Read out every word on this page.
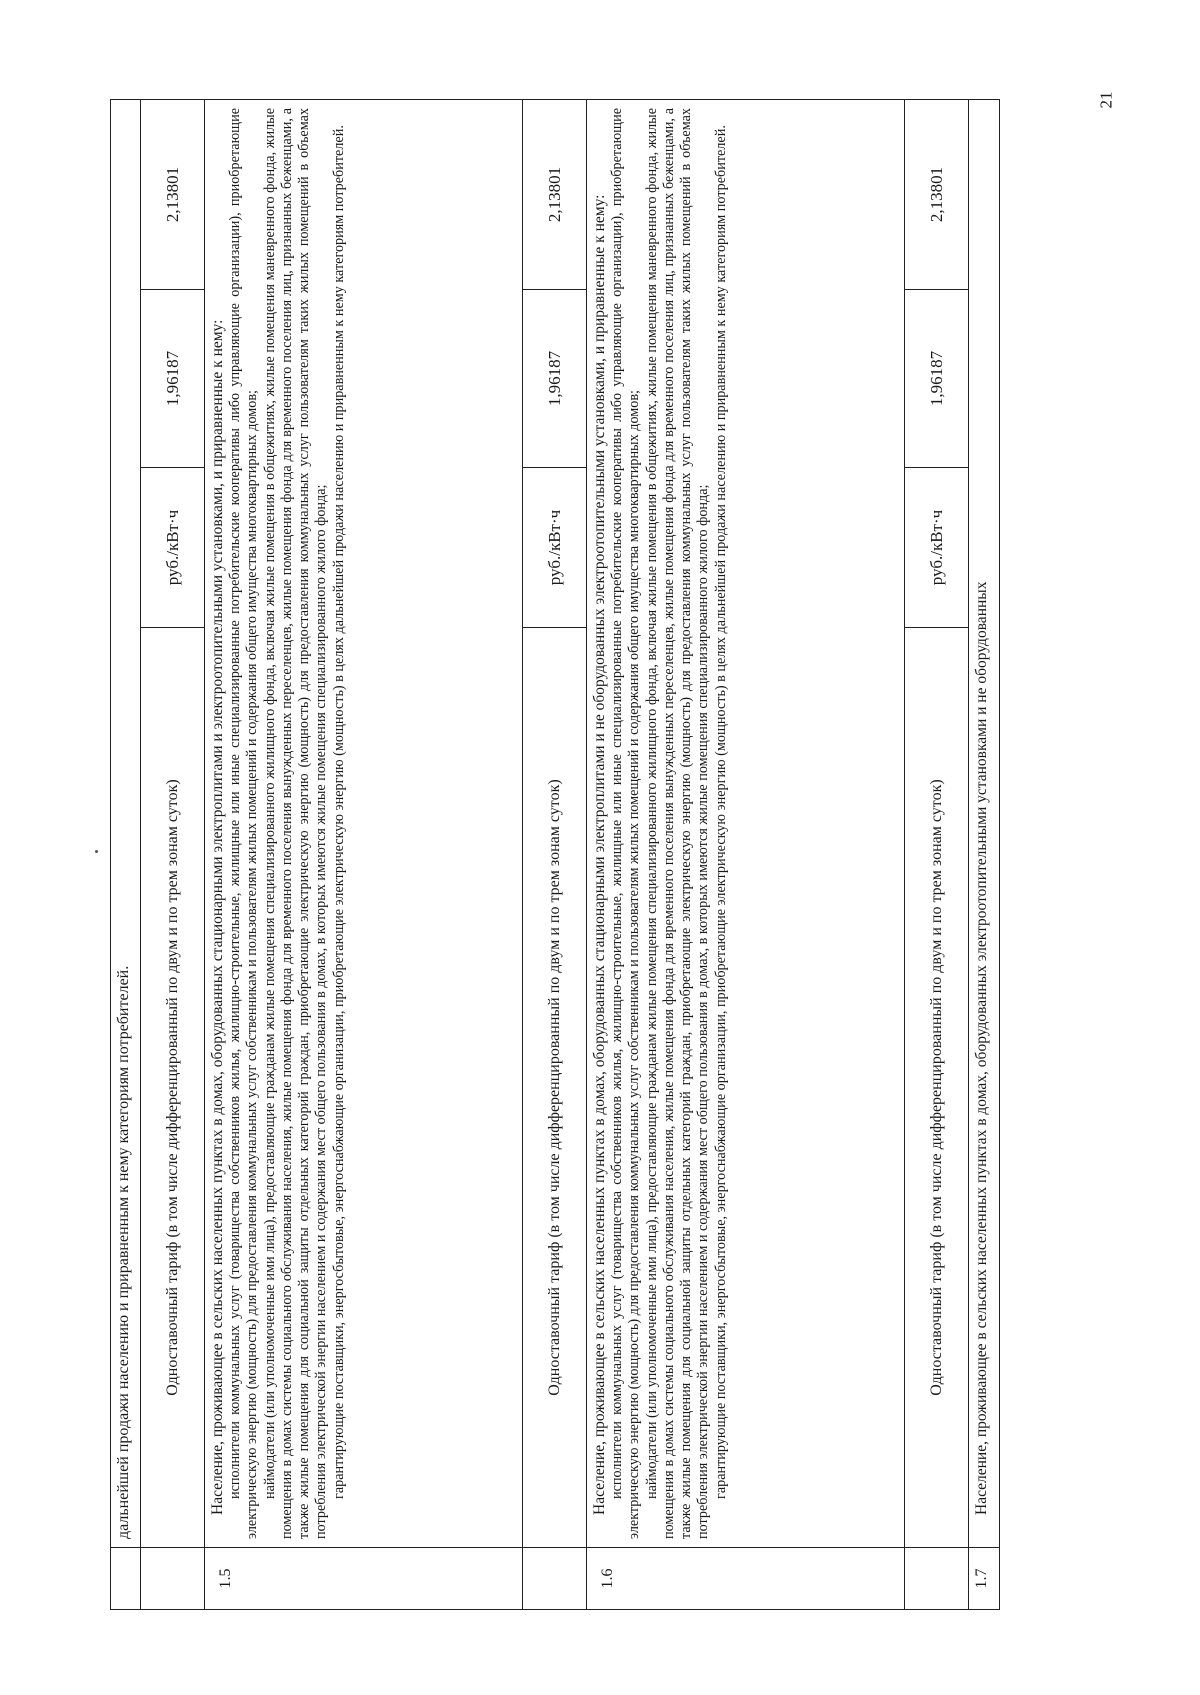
21
	дальнейшей продажи населению и приравненным к нему категориям потребителей.			
	Одноставочный тариф (в том числе дифференцированный по двум и по трем зонам суток)	руб./кВт·ч	1,96187	2,13801
1.5	Население, проживающее в сельских населенных пунктах в домах, оборудованных стационарными электроплитами и электроотопительными установками, и приравненные к нему: исполнители коммунальных услуг (товарищества собственников жилья, жилищно-строительные, жилищные или иные специализированные потребительские кооперативы либо управляющие организации), приобретающие электрическую энергию (мощность) для предоставления коммунальных услуг собственникам и пользователям жилых помещений и содержания общего имущества многоквартирных домов; наймодатели (или уполномоченные ими лица), предоставляющие гражданам жилые помещения специализированного жилищного фонда, включая жилые помещения в общежитиях, жилые помещения маневренного фонда, жилые помещения в домах системы социального обслуживания населения, жилые помещения фонда для временного поселения вынужденных переселенцев, жилые помещения фонда для временного поселения лиц, признанных беженцами, а также жилые помещения для социальной защиты отдельных категорий граждан, приобретающие электрическую энергию (мощность) для предоставления коммунальных услуг пользователям таких жилых помещений в объемах потребления электрической энергии населением и содержания мест общего пользования в домах, в которых имеются жилые помещения специализированного жилого фонда; гарантирующие поставщики, энергосбытовые, энергоснабжающие организации, приобретающие электрическую энергию (мощность) в целях дальнейшей продажи населению и приравненным к нему категориям потребителей.			

	Одноставочный тариф (в том числе дифференцированный по двум и по трем зонам суток)	руб./кВт·ч	1,96187	2,13801
1.6	Население, проживающее в сельских населенных пунктах в домах, оборудованных стационарными электроплитами и не оборудованных электроотопительными установками, и приравненные к нему: исполнители коммунальных услуг (товарищества собственников жилья, жилищно-строительные, жилищные или иные специализированные потребительские кооперативы либо управляющие организации), приобретающие электрическую энергию (мощность) для предоставления коммунальных услуг собственникам и пользователям жилых помещений и содержания общего имущества многоквартирных домов; наймодатели (или уполномоченные ими лица), предоставляющие гражданам жилые помещения специализированного жилищного фонда, включая жилые помещения в общежитиях, жилые помещения маневренного фонда, жилые помещения в домах системы социального обслуживания населения, жилые помещения фонда для временного поселения вынужденных переселенцев, жилые помещения фонда для временного поселения лиц, признанных беженцами, а также жилые помещения для социальной защиты отдельных категорий граждан, приобретающие электрическую энергию (мощность) для предоставления коммунальных услуг пользователям таких жилых помещений в объемах потребления электрической энергии населением и содержания мест общего пользования в домах, в которых имеются жилые помещения специализированного жилого фонда; гарантирующие поставщики, энергосбытовые, энергоснабжающие организации, приобретающие электрическую энергию (мощность) в целях дальнейшей продажи населению и приравненным к нему категориям потребителей.			

	Одноставочный тариф (в том числе дифференцированный по двум и по трем зонам суток)	руб./кВт·ч	1,96187	2,13801
1.7	Население, проживающее в сельских населенных пунктах в домах, оборудованных электроотопительными установками и не оборудованных			
